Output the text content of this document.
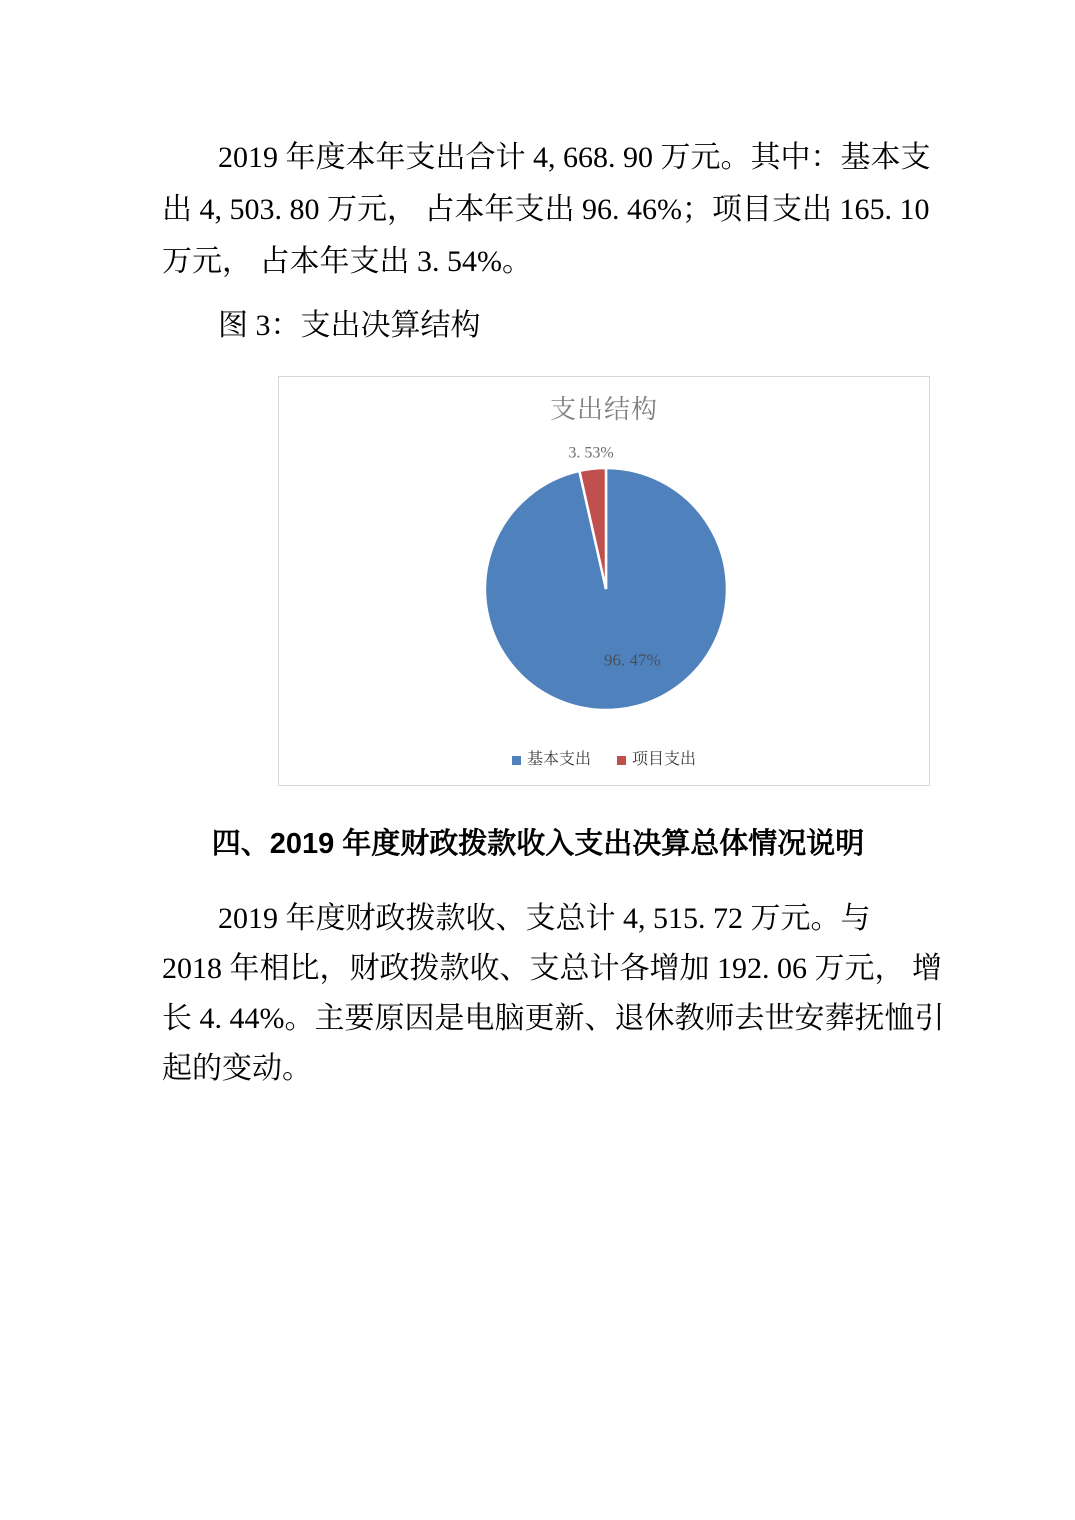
2019 年度本年支出合计 4, 668. 90 万元。其中：基本支
出 4, 503. 80 万元， 占本年支出 96. 46%；项目支出 165. 10
万元， 占本年支出 3. 54%。
图 3：支出决算结构
支出结构
96. 47%
3. 53%
基本支出	项目支出
四、2019 年度财政拨款收入支出决算总体情况说明
2019 年度财政拨款收、支总计 4, 515. 72 万元。与
2018 年相比，财政拨款收、支总计各增加 192. 06 万元， 增
长 4. 44%。主要原因是电脑更新、退休教师去世安葬抚恤引
起的变动。
